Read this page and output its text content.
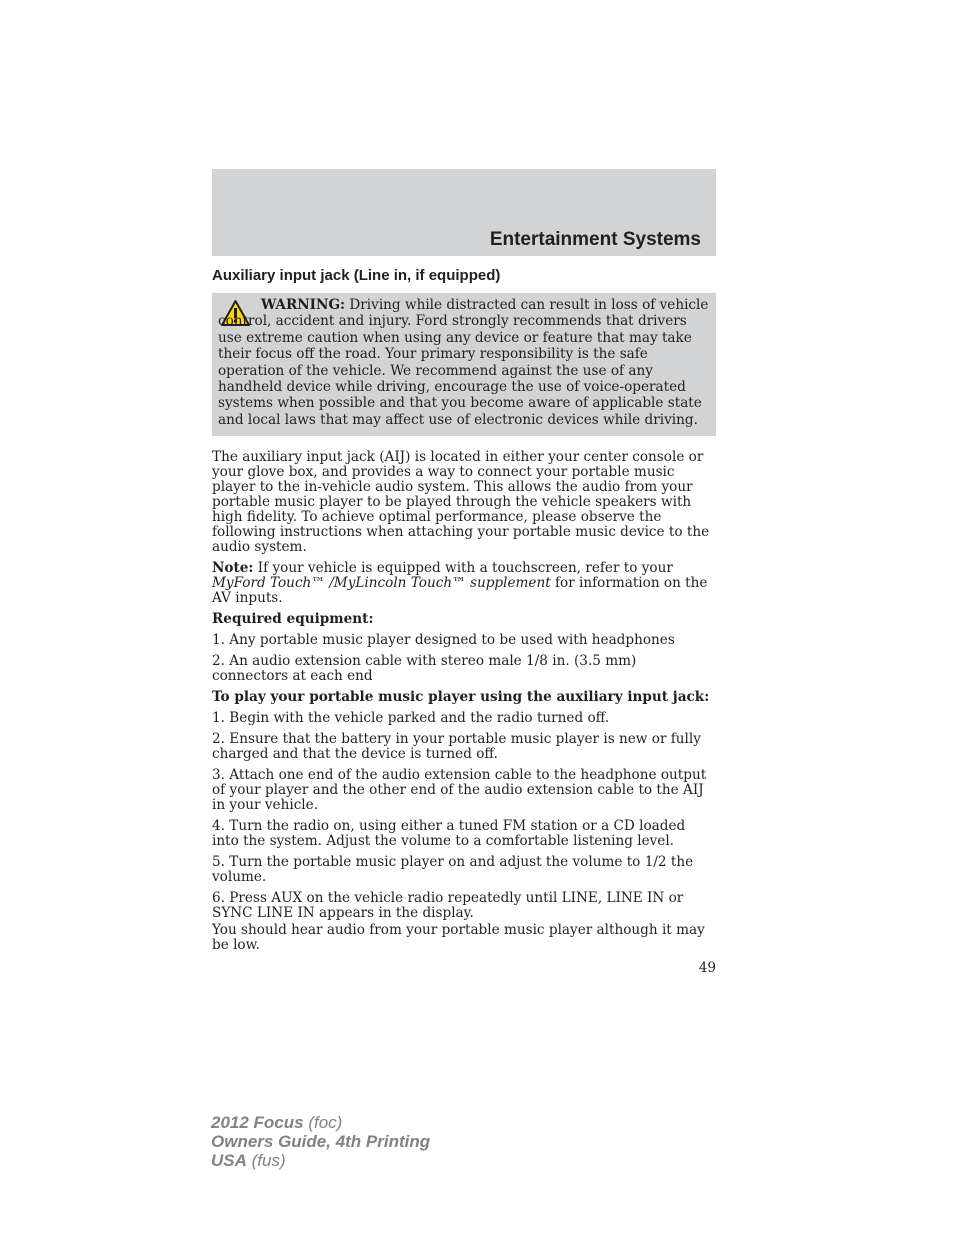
Entertainment Systems
Auxiliary input jack (Line in, if equipped)
WARNING: Driving while distracted can result in loss of vehicle control, accident and injury. Ford strongly recommends that drivers use extreme caution when using any device or feature that may take their focus off the road. Your primary responsibility is the safe operation of the vehicle. We recommend against the use of any handheld device while driving, encourage the use of voice-operated systems when possible and that you become aware of applicable state and local laws that may affect use of electronic devices while driving.

The auxiliary input jack (AIJ) is located in either your center console or your glove box, and provides a way to connect your portable music player to the in-vehicle audio system. This allows the audio from your portable music player to be played through the vehicle speakers with high fidelity. To achieve optimal performance, please observe the following instructions when attaching your portable music device to the audio system.

Note: If your vehicle is equipped with a touchscreen, refer to your MyFord Touch™ /MyLincoln Touch™ supplement for information on the AV inputs.

Required equipment:

1. Any portable music player designed to be used with headphones

2. An audio extension cable with stereo male 1/8 in. (3.5 mm) connectors at each end

To play your portable music player using the auxiliary input jack:

1. Begin with the vehicle parked and the radio turned off.

2. Ensure that the battery in your portable music player is new or fully charged and that the device is turned off.

3. Attach one end of the audio extension cable to the headphone output of your player and the other end of the audio extension cable to the AIJ in your vehicle.

4. Turn the radio on, using either a tuned FM station or a CD loaded into the system. Adjust the volume to a comfortable listening level.

5. Turn the portable music player on and adjust the volume to 1/2 the volume.

6. Press AUX on the vehicle radio repeatedly until LINE, LINE IN or SYNC LINE IN appears in the display.

You should hear audio from your portable music player although it may be low.

49
2012 Focus (foc)
Owners Guide, 4th Printing
USA (fus)
